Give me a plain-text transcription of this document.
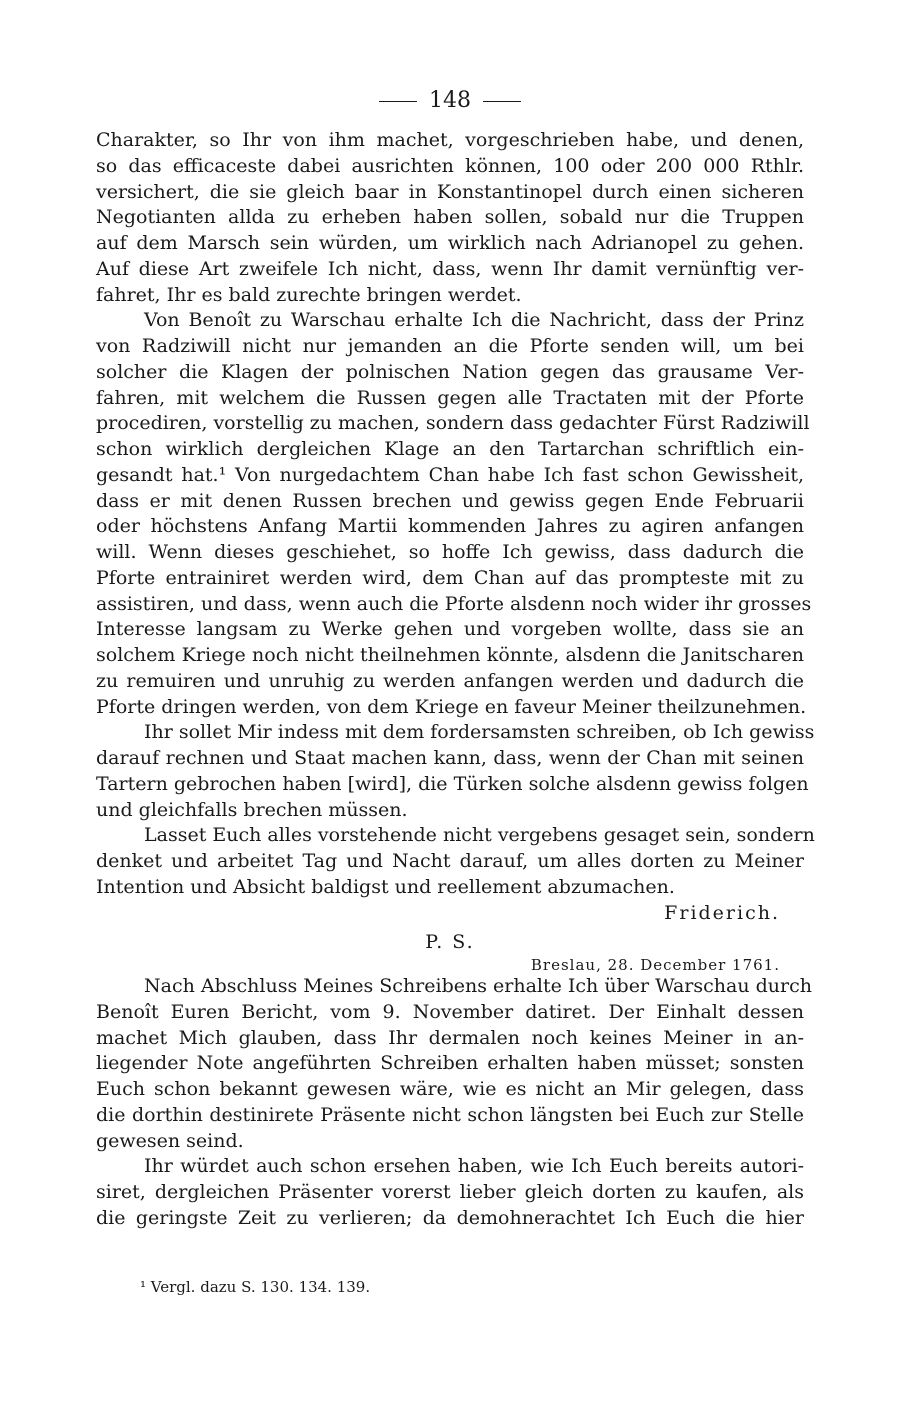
148
Charakter, so Ihr von ihm machet, vorgeschrieben habe, und denen,
so das efficaceste dabei ausrichten können, 100 oder 200 000 Rthlr.
versichert, die sie gleich baar in Konstantinopel durch einen sicheren
Negotianten allda zu erheben haben sollen, sobald nur die Truppen
auf dem Marsch sein würden, um wirklich nach Adrianopel zu gehen.
Auf diese Art zweifele Ich nicht, dass, wenn Ihr damit vernünftig ver-
fahret, Ihr es bald zurechte bringen werdet.
Von Benoît zu Warschau erhalte Ich die Nachricht, dass der Prinz
von Radziwill nicht nur jemanden an die Pforte senden will, um bei
solcher die Klagen der polnischen Nation gegen das grausame Ver-
fahren, mit welchem die Russen gegen alle Tractaten mit der Pforte
procediren, vorstellig zu machen, sondern dass gedachter Fürst Radziwill
schon wirklich dergleichen Klage an den Tartarchan schriftlich ein-
gesandt hat.¹ Von nurgedachtem Chan habe Ich fast schon Gewissheit,
dass er mit denen Russen brechen und gewiss gegen Ende Februarii
oder höchstens Anfang Martii kommenden Jahres zu agiren anfangen
will. Wenn dieses geschiehet, so hoffe Ich gewiss, dass dadurch die
Pforte entrainiret werden wird, dem Chan auf das prompteste mit zu
assistiren, und dass, wenn auch die Pforte alsdenn noch wider ihr grosses
Interesse langsam zu Werke gehen und vorgeben wollte, dass sie an
solchem Kriege noch nicht theilnehmen könnte, alsdenn die Janitscharen
zu remuiren und unruhig zu werden anfangen werden und dadurch die
Pforte dringen werden, von dem Kriege en faveur Meiner theilzunehmen.
Ihr sollet Mir indess mit dem fordersamsten schreiben, ob Ich gewiss
darauf rechnen und Staat machen kann, dass, wenn der Chan mit seinen
Tartern gebrochen haben [wird], die Türken solche alsdenn gewiss folgen
und gleichfalls brechen müssen.
Lasset Euch alles vorstehende nicht vergebens gesaget sein, sondern
denket und arbeitet Tag und Nacht darauf, um alles dorten zu Meiner
Intention und Absicht baldigst und reellement abzumachen.
Friderich.
P. S.
Breslau, 28. December 1761.
Nach Abschluss Meines Schreibens erhalte Ich über Warschau durch
Benoît Euren Bericht, vom 9. November datiret. Der Einhalt dessen
machet Mich glauben, dass Ihr dermalen noch keines Meiner in an-
liegender Note angeführten Schreiben erhalten haben müsset; sonsten
Euch schon bekannt gewesen wäre, wie es nicht an Mir gelegen, dass
die dorthin destinirete Präsente nicht schon längsten bei Euch zur Stelle
gewesen seind.
Ihr würdet auch schon ersehen haben, wie Ich Euch bereits autori-
siret, dergleichen Präsenter vorerst lieber gleich dorten zu kaufen, als
die geringste Zeit zu verlieren; da demohnerachtet Ich Euch die hier
¹ Vergl. dazu S. 130. 134. 139.
